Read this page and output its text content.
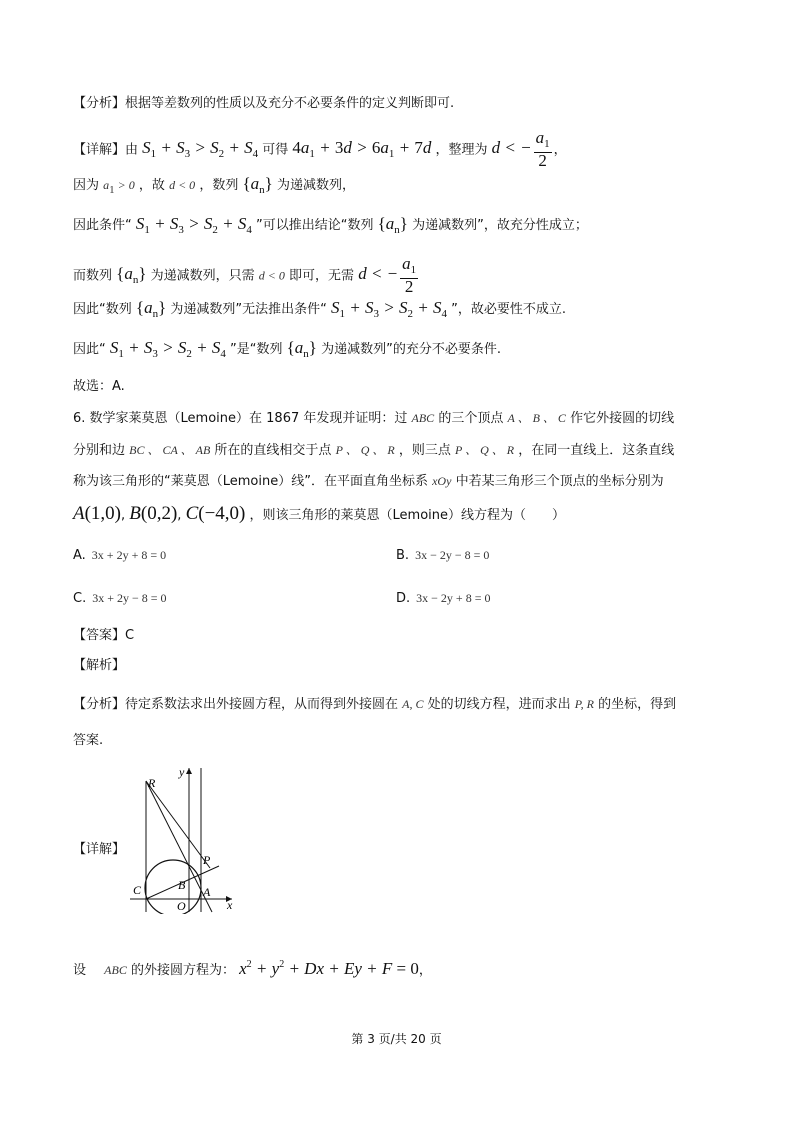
【分析】根据等差数列的性质以及充分不必要条件的定义判断即可.
【详解】由 $S_1 + S_3 > S_2 + S_4$ 可得 $4a_1 + 3d > 6a_1 + 7d$ ，整理为 d < − $\frac{a_1}{2}$ ，
因为 a1 > 0 ，故 d < 0 ，数列 $\{a_n\}$ 为递减数列，
因此条件“ $S_1 + S_3 > S_2 + S_4$ ”可以推出结论“数列 $\{a_n\}$ 为递减数列”，故充分性成立；
而数列 $\{a_n\}$ 为递减数列，只需 d < 0 即可，无需 d < − $\frac{a_1}{2}$
因此“数列 $\{a_n\}$ 为递减数列”无法推出条件“ $S_1 + S_3 > S_2 + S_4$ ”，故必要性不成立.
因此“ $S_1 + S_3 > S_2 + S_4$ ”是“数列 $\{a_n\}$ 为递减数列”的充分不必要条件.
故选：A.
6. 数学家莱莫恩（Lemoine）在 1867 年发现并证明：过 ABC 的三个顶点 A 、 B 、 C 作它外接圆的切线
分别和边 BC 、 CA 、 AB 所在的直线相交于点 P 、 Q 、 R ，则三点 P 、 Q 、 R ，在同一直线上．这条直线
称为该三角形的“莱莫恩（Lemoine）线”．在平面直角坐标系 xOy 中若某三角形三个顶点的坐标分别为
A(1,0), B(0,2), C(−4,0) ，则该三角形的莱莫恩（Lemoine）线方程为（　　）
A. 3x + 2y + 8 = 0	B. 3x − 2y − 8 = 0
C. 3x + 2y − 8 = 0	D. 3x − 2y + 8 = 0
【答案】C
【解析】
【分析】待定系数法求出外接圆方程，从而得到外接圆在 A, C 处的切线方程，进而求出 P, R 的坐标，得到
答案.
【详解】
R
y
P
B A
C
O	x
设 ABC 的外接圆方程为： $x^2 + y^2 + Dx + Ey + F = 0$，
第 3 页/共 20 页
